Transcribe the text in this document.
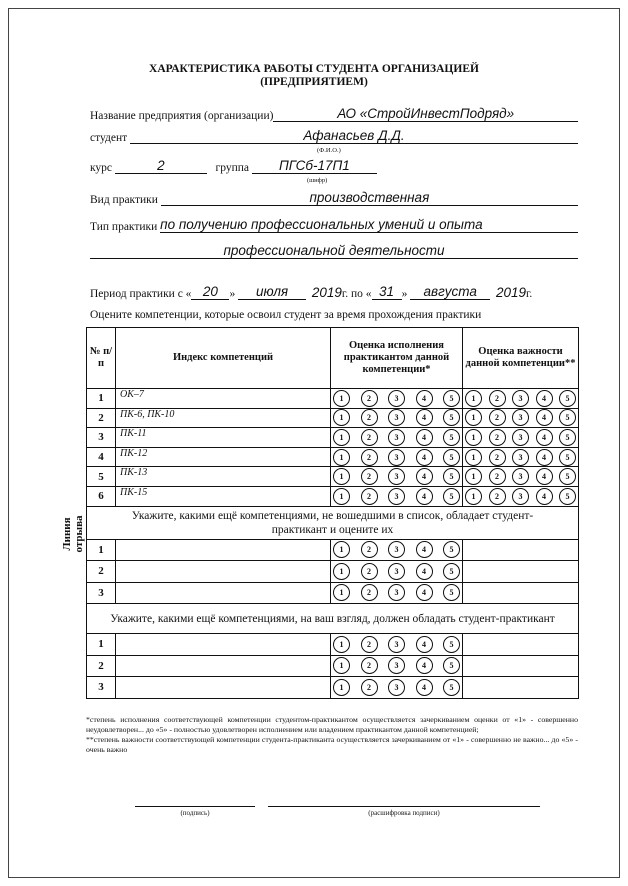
Линия отрыва
ХАРАКТЕРИСТИКА РАБОТЫ СТУДЕНТА ОРГАНИЗАЦИЕЙ
(ПРЕДПРИЯТИЕМ)
Название предприятия (организации)	АО «СтройИнвестПодряд»
студент
	Афанасьев Д.Д.
(Ф.И.О.)
курс
	2
	группа
	ПГСб-17П1
(шифр)
Вид практики
	производственная
Тип практики
по получению профессиональных умений и опыта
профессиональной деятельности
Период практики с « 20 »
	июля
	2019 г. по « 31 »
	августа
	2019 г.
Оцените компетенции, которые освоил студент за время прохождения практики
№ п/п	Индекс компетенций	Оценка исполнения практикантом данной компетенции*	Оценка важности данной компетенции**
1	ОК–7	1 2 3 4 5	1 2 3 4 5

2	ПК-6, ПК-10	1 2 3 4 5	1 2 3 4 5

3	ПК-11	1 2 3 4 5	1 2 3 4 5

4	ПК-12	1 2 3 4 5	1 2 3 4 5

5	ПК-13	1 2 3 4 5	1 2 3 4 5

6	ПК-15	1 2 3 4 5	1 2 3 4 5

Укажите, какими ещё компетенциями, не вошедшими в список, обладает студент-практикант и оцените их			
1		1 2 3 4 5	

2		1 2 3 4 5	

3		1 2 3 4 5	

Укажите, какими ещё компетенциями, на ваш взгляд, должен обладать студент-практикант			
1		1 2 3 4 5	

2		1 2 3 4 5	

3		1 2 3 4 5	

*степень исполнения соответствующей компетенции студентом-практикантом осуществляется зачеркиванием оценки от «1» - совершенно неудовлетворен... до «5» - полностью удовлетворен исполнением или владением практикантом данной компетенцией;
**степень важности соответствующей компетенции студента-практиканта осуществляется зачеркиванием от «1» - совершенно не важно... до «5» - очень важно
(подпись)	(расшифровка подписи)
